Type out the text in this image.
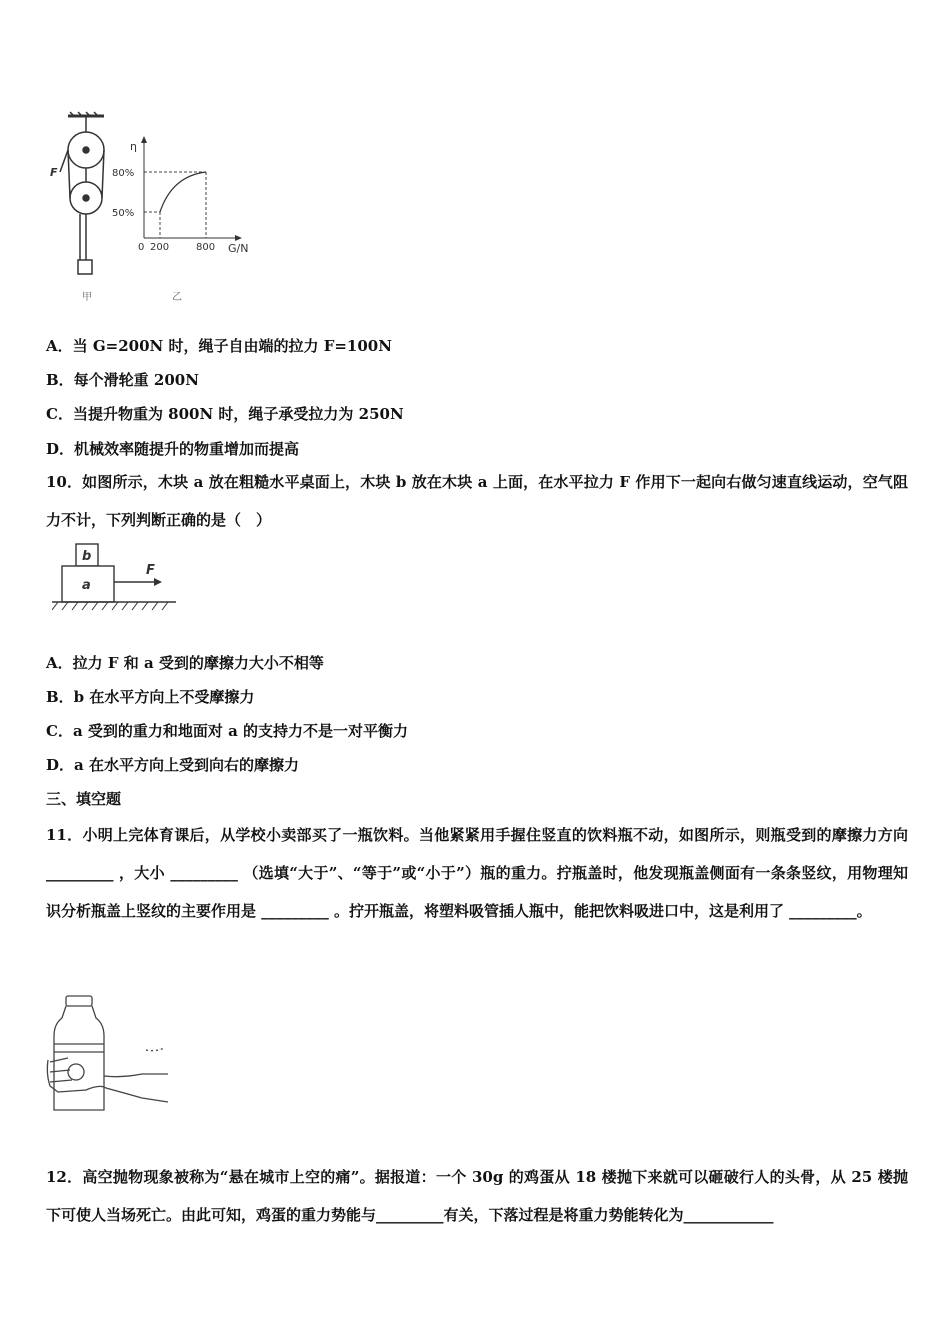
F
η
80%
50%
0 200	800 G/N
甲	乙
A．当 G=200N 时，绳子自由端的拉力 F=100N
B．每个滑轮重 200N
C．当提升物重为 800N 时，绳子承受拉力为 250N
D．机械效率随提升的物重增加而提高
10．如图所示，木块 a 放在粗糙水平桌面上，木块 b 放在木块 a 上面，在水平拉力 F 作用下一起向右做匀速直线运动，空气阻力不计，下列判断正确的是（　）
b
a
F
A．拉力 F 和 a 受到的摩擦力大小不相等
B．b 在水平方向上不受摩擦力
C．a 受到的重力和地面对 a 的支持力不是一对平衡力
D．a 在水平方向上受到向右的摩擦力
三、填空题
11．小明上完体育课后，从学校小卖部买了一瓶饮料。当他紧紧用手握住竖直的饮料瓶不动，如图所示，则瓶受到的摩擦力方向 _________ ，大小 _________ （选填“大于”、“等于”或“小于”）瓶的重力。拧瓶盖时，他发现瓶盖侧面有一条条竖纹，用物理知识分析瓶盖上竖纹的主要作用是 _________ 。拧开瓶盖，将塑料吸管插人瓶中，能把饮料吸进口中，这是利用了 _________。
12．高空抛物现象被称为“悬在城市上空的痛”。据报道：一个 30g 的鸡蛋从 18 楼抛下来就可以砸破行人的头骨，从 25 楼抛下可使人当场死亡。由此可知，鸡蛋的重力势能与_________有关，下落过程是将重力势能转化为____________
